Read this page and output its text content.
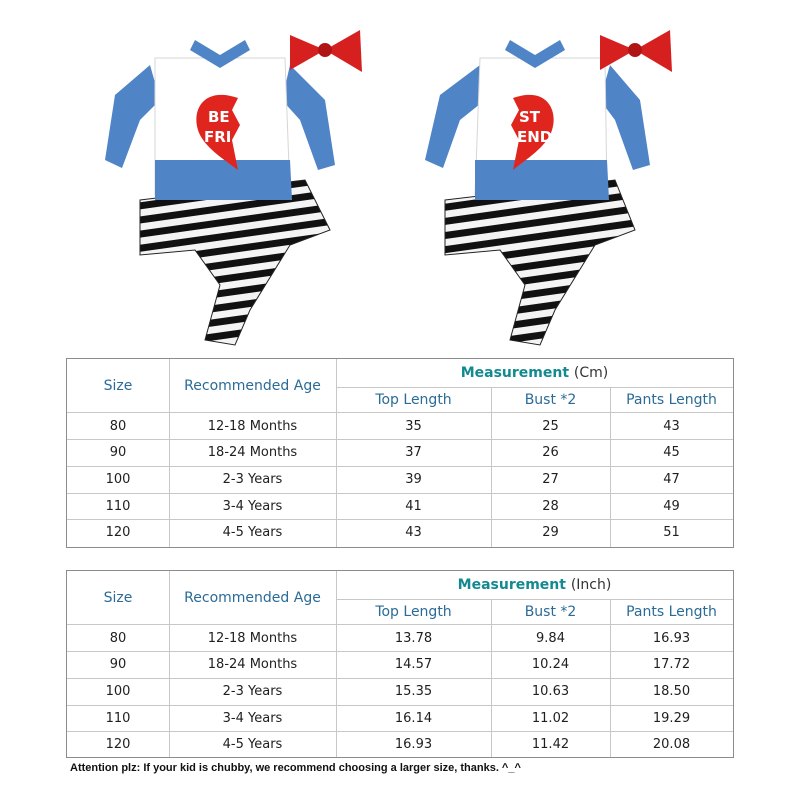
BE
FRI
ST
END
Size	Recommended Age
Measurement
(Cm)
Top Length	Bust *2	Pants Length
80	12-18 Months	35	25	43
90	18-24 Months	37	26	45
100	2-3 Years	39	27	47
110	3-4 Years	41	28	49
120	4-5 Years	43	29	51
Size	Recommended Age
Measurement
(Inch)
Top Length	Bust *2	Pants Length
80	12-18 Months	13.78	9.84	16.93
90	18-24 Months	14.57	10.24	17.72
100	2-3 Years	15.35	10.63	18.50
110	3-4 Years	16.14	11.02	19.29
120	4-5 Years	16.93	11.42	20.08
Attention plz: If your kid is chubby, we recommend choosing a larger size, thanks. ^_^
